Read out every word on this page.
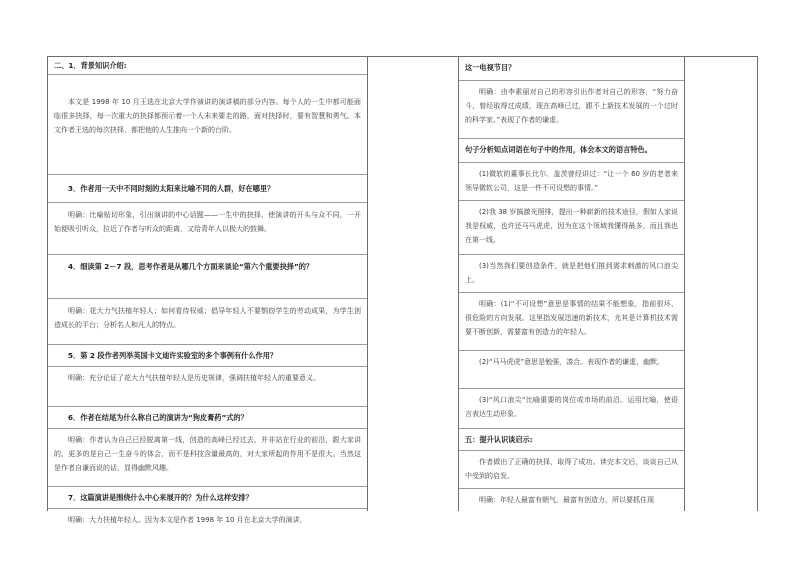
二、1．背景知识介绍:

本文是 1998 年 10 月王选在北京大学作演讲的演讲稿的部分内容。每个人的一生中都可能面临很多抉择，每一次重大的抉择都预示着一个人未来要走的路，面对抉择时，要有智慧和勇气。本文作者王选的每次抉择，都把他的人生推向一个新的台阶。

3．作者用一天中不同时刻的太阳来比喻不同的人群，好在哪里？

明确：比喻贴切形象，引出演讲的中心话题——一生中的抉择，使演讲的开头与众不同，一开始便吸引听众，拉近了作者与听众的距离，又给青年人以极大的鼓舞。

4．细读第 2－7 段，思考作者是从哪几个方面来谈论“第六个重要抉择”的？

明确：花大力气扶植年轻人；如何看待权威；倡导年轻人不要剽窃学生的劳动成果，为学生创造成长的平台；分析名人和凡人的特点。

5．第 2 段作者列举英国卡文迪许实验室的多个事例有什么作用？

明确：充分论证了花大力气扶植年轻人是历史规律，强调扶植年轻人的重要意义。

6．作者在结尾为什么称自己的演讲为“狗皮膏药”式的？

明确：作者认为自己已经脱离第一线，创造的高峰已经过去，并非站在行业的前沿，跟大家讲的，更多的是自己一生奋斗的体会，而不是科技含量最高的，对大家所起的作用不是很大。当然这是作者自谦而说的话，显得幽默风趣。

7．这篇演讲是围绕什么中心来展开的？为什么这样安排？

明确：大力扶植年轻人。因为本文是作者 1998 年 10 月在北京大学的演讲，

这一电视节目？

明确：由李素丽对自己的形容引出作者对自己的形容，“努力奋斗，曾经取得过成绩，现在高峰已过，跟不上新技术发展的一个过时的科学家。”表现了作者的谦虚。

句子分析知点词语在句子中的作用，体会本文的语言特色。

(1)微软的董事长比尔．盖茨曾经讲过：“让一个 60 岁的老者来领导微软公司，这是一件不可设想的事情。”

(2)我 38 岁搞激光照排，提出一种崭新的技术途径，假如人家说我是权威，也许还马马虎虎，因为在这个领域我懂得最多，而且我也在第一线。

(3)当然我们要创造条件，就是把他们推到需求刺激的风口浪尖上。

明确：(1)“不可设想”意思是事情的结果不能想象，指前很坏、很危险的方向发展。这里指发展迅速的新技术，尤其是计算机技术需要不断创新，需要富有创造力的年轻人。

(2)“马马虎虎”意思是勉强，凑合。表现作者的谦虚，幽默。

(3)“风口浪尖”比喻重要的岗位或市场的前沿。运用比喻，使语言表达生动形象。

五：提升认识谈启示:

作者做出了正确的抉择，取得了成功。读完本文后，谈谈自己从中受到的启发。

明确：年轻人最富有朝气，最富有创造力，所以要抓住现
